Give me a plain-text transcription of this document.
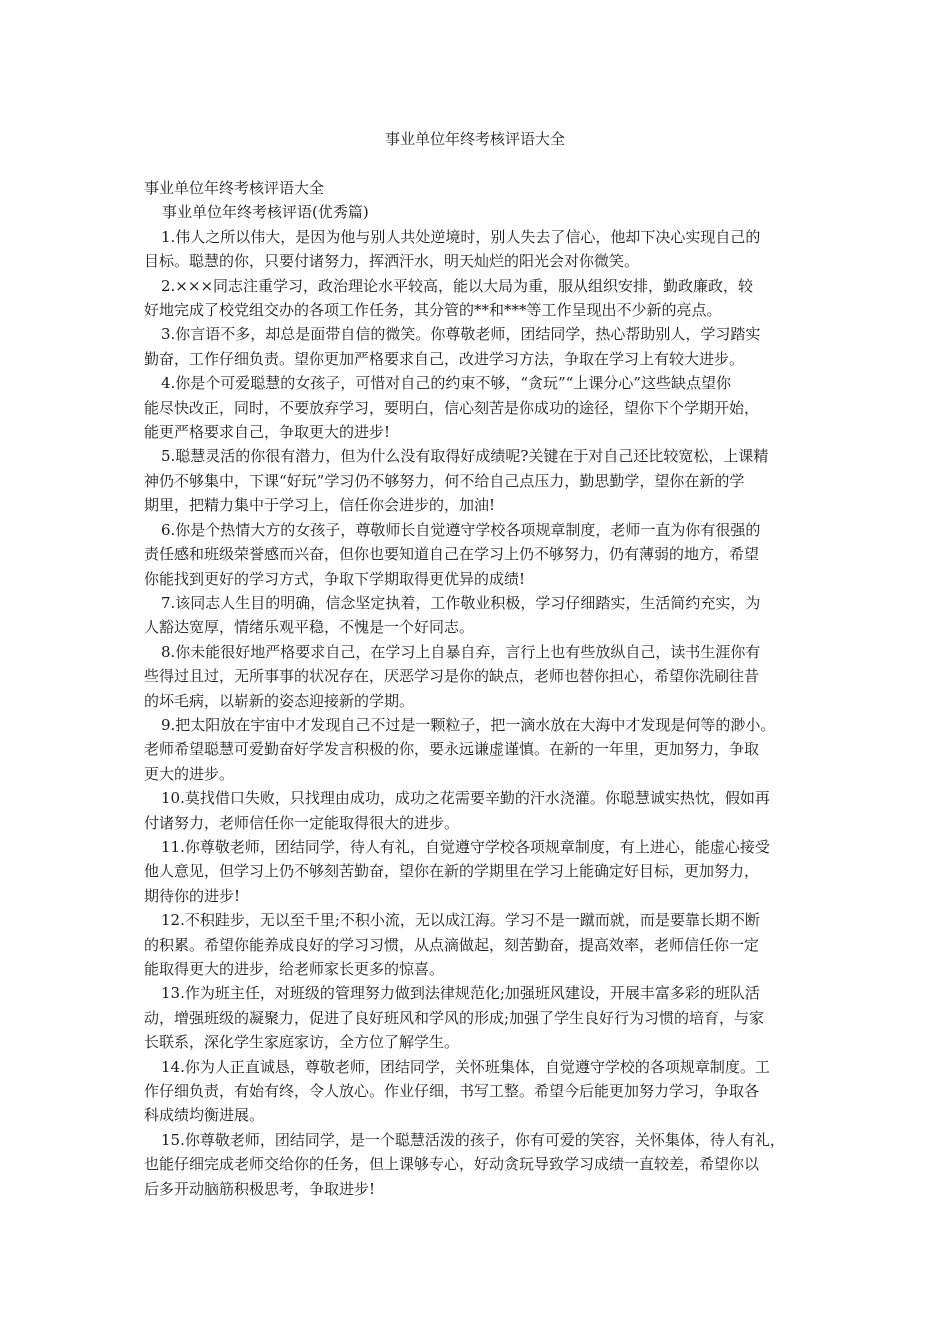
事业单位年终考核评语大全

事业单位年终考核评语大全

事业单位年终考核评语(优秀篇)

1.伟人之所以伟大，是因为他与别人共处逆境时，别人失去了信心，他却下决心实现自己的
目标。聪慧的你，只要付诸努力，挥洒汗水，明天灿烂的阳光会对你微笑。
2.×××同志注重学习，政治理论水平较高，能以大局为重，服从组织安排，勤政廉政，较
好地完成了校党组交办的各项工作任务，其分管的**和***等工作呈现出不少新的亮点。
3.你言语不多，却总是面带自信的微笑。你尊敬老师，团结同学，热心帮助别人，学习踏实
勤奋，工作仔细负责。望你更加严格要求自己，改进学习方法，争取在学习上有较大进步。
4.你是个可爱聪慧的女孩子，可惜对自己的约束不够，“贪玩”“上课分心”这些缺点望你
能尽快改正，同时，不要放弃学习，要明白，信心刻苦是你成功的途径，望你下个学期开始，
能更严格要求自己，争取更大的进步!
5.聪慧灵活的你很有潜力，但为什么没有取得好成绩呢?关键在于对自己还比较宽松，上课精
神仍不够集中，下课“好玩”学习仍不够努力，何不给自己点压力，勤思勤学，望你在新的学
期里，把精力集中于学习上，信任你会进步的，加油!
6.你是个热情大方的女孩子，尊敬师长自觉遵守学校各项规章制度，老师一直为你有很强的
责任感和班级荣誉感而兴奋，但你也要知道自己在学习上仍不够努力，仍有薄弱的地方，希望
你能找到更好的学习方式，争取下学期取得更优异的成绩!
7.该同志人生目的明确，信念坚定执着，工作敬业积极，学习仔细踏实，生活简约充实，为
人豁达宽厚，情绪乐观平稳，不愧是一个好同志。
8.你未能很好地严格要求自己，在学习上自暴自弃，言行上也有些放纵自己，读书生涯你有
些得过且过，无所事事的状况存在，厌恶学习是你的缺点，老师也替你担心，希望你洗刷往昔
的坏毛病，以崭新的姿态迎接新的学期。
9.把太阳放在宇宙中才发现自己不过是一颗粒子，把一滴水放在大海中才发现是何等的渺小。
老师希望聪慧可爱勤奋好学发言积极的你，要永远谦虚谨慎。在新的一年里，更加努力，争取
更大的进步。
10.莫找借口失败，只找理由成功，成功之花需要辛勤的汗水浇灌。你聪慧诚实热忱，假如再
付诸努力，老师信任你一定能取得很大的进步。
11.你尊敬老师，团结同学，待人有礼，自觉遵守学校各项规章制度，有上进心，能虚心接受
他人意见，但学习上仍不够刻苦勤奋，望你在新的学期里在学习上能确定好目标，更加努力，
期待你的进步!
12.不积跬步，无以至千里;不积小流，无以成江海。学习不是一蹴而就，而是要靠长期不断
的积累。希望你能养成良好的学习习惯，从点滴做起，刻苦勤奋，提高效率，老师信任你一定
能取得更大的进步，给老师家长更多的惊喜。
13.作为班主任，对班级的管理努力做到法律规范化;加强班风建设，开展丰富多彩的班队活
动，增强班级的凝聚力，促进了良好班风和学风的形成;加强了学生良好行为习惯的培育，与家
长联系，深化学生家庭家访，全方位了解学生。
14.你为人正直诚恳，尊敬老师，团结同学，关怀班集体，自觉遵守学校的各项规章制度。工
作仔细负责，有始有终，令人放心。作业仔细，书写工整。希望今后能更加努力学习，争取各
科成绩均衡进展。
15.你尊敬老师，团结同学，是一个聪慧活泼的孩子，你有可爱的笑容，关怀集体，待人有礼，
也能仔细完成老师交给你的任务，但上课够专心，好动贪玩导致学习成绩一直较差，希望你以
后多开动脑筋积极思考，争取进步!
